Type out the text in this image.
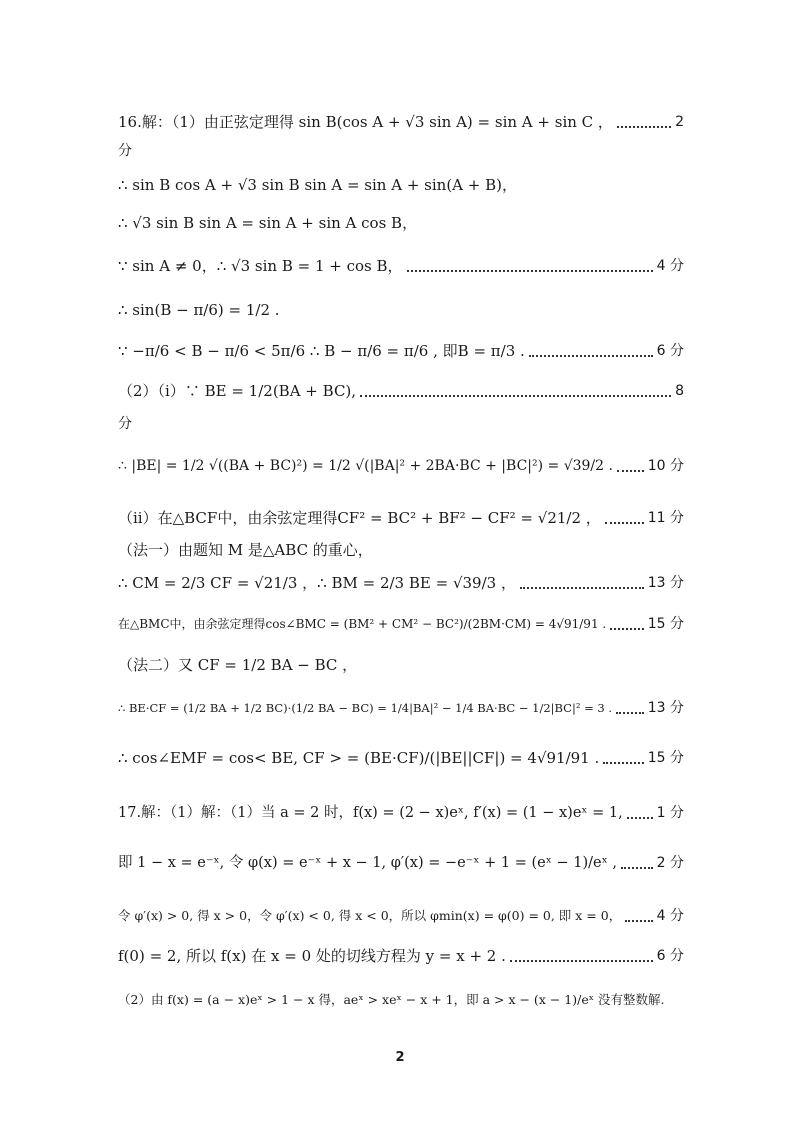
16.解：（1）由正弦定理得 sin B(cos A + √3 sin A) = sin A + sin C ，	2
分
∴ sin B cos A + √3 sin B sin A = sin A + sin(A + B)，
∴ √3 sin B sin A = sin A + sin A cos B，
∵ sin A ≠ 0，∴ √3 sin B = 1 + cos B，	4 分
∴ sin(B − π/6) = 1/2 .
∵ −π/6 < B − π/6 < 5π/6 ∴ B − π/6 = π/6 , 即B = π/3 .	6 分
（2）（i）∵ BE = 1/2(BA + BC),	8
分
∴ |BE| = 1/2 √((BA + BC)²) = 1/2 √(|BA|² + 2BA·BC + |BC|²) = √39/2 . 10 分
（ii）在△BCF中，由余弦定理得CF² = BC² + BF² − CF² = √21/2 ，	11 分
（法一）由题知 M 是△ABC 的重心，
∴ CM = 2/3 CF = √21/3 ，∴ BM = 2/3 BE = √39/3 ，	13 分
在△BMC中，由余弦定理得cos∠BMC = (BM² + CM² − BC²)/(2BM·CM) = 4√91/91 .	15 分
（法二）又 CF = 1/2 BA − BC ，
∴ BE·CF = (1/2 BA + 1/2 BC)·(1/2 BA − BC) = 1/4|BA|² − 1/4 BA·BC − 1/2|BC|² = 3 .	13 分
∴ cos∠EMF = cos< BE, CF > = (BE·CF)/(|BE||CF|) = 4√91/91 .	15 分
17.解：（1）解：（1）当 a = 2 时，f(x) = (2 − x)eˣ, f′(x) = (1 − x)eˣ = 1, 1 分
即 1 − x = e⁻ˣ, 令 φ(x) = e⁻ˣ + x − 1, φ′(x) = −e⁻ˣ + 1 = (eˣ − 1)/eˣ ,	2 分
令 φ′(x) > 0, 得 x > 0，令 φ′(x) < 0, 得 x < 0，所以 φmin(x) = φ(0) = 0, 即 x = 0，	4 分
f(0) = 2, 所以 f(x) 在 x = 0 处的切线方程为 y = x + 2 .	6 分
（2）由 f(x) = (a − x)eˣ > 1 − x 得，aeˣ > xeˣ − x + 1，即 a > x − (x − 1)/eˣ 没有整数解.
2
